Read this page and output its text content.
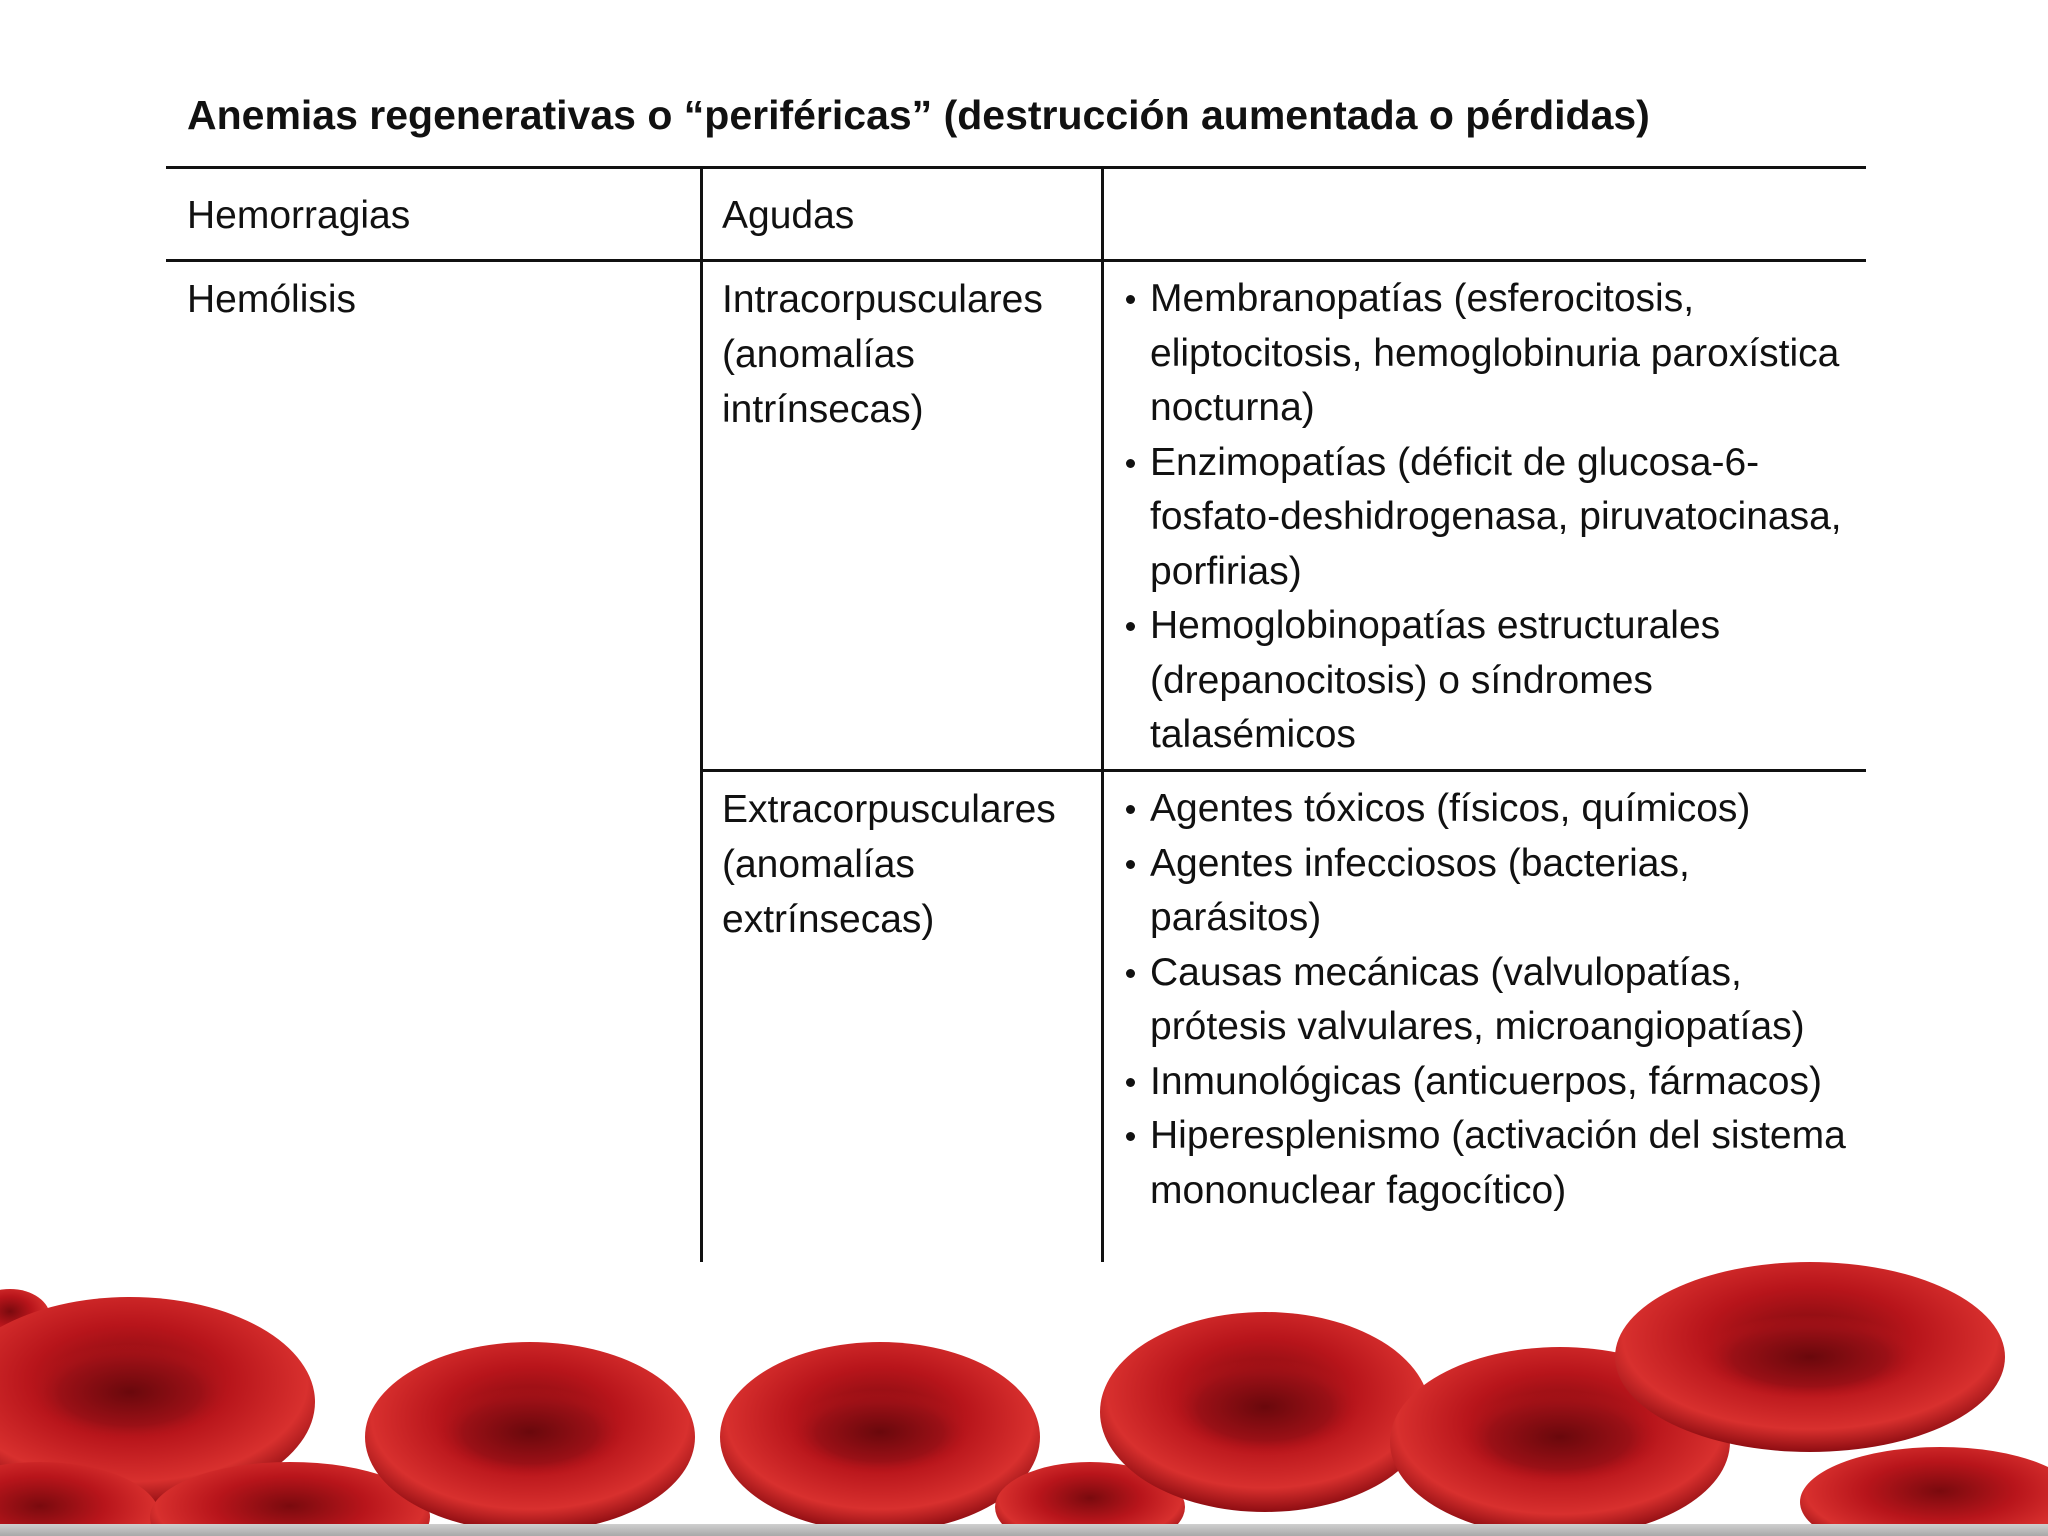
Anemias regenerativas o “periféricas” (destrucción aumentada o pérdidas)
Hemorragias	Agudas
Hemólisis	Intracorpusculares (anomalías intrínsecas)
Extracorpusculares (anomalías extrínsecas)
Membranopatías (esferocitosis, eliptocitosis, hemoglobinuria paroxística nocturna)
Enzimopatías (déficit de glucosa-6-fosfato-deshidrogenasa, piruvatocinasa, porfirias)
Hemoglobinopatías estructurales (drepanocitosis) o síndromes talasémicos
Agentes tóxicos (físicos, químicos)
Agentes infecciosos (bacterias, parásitos)
Causas mecánicas (valvulopatías, prótesis valvulares, microangiopatías)
Inmunológicas (anticuerpos, fármacos)
Hiperesplenismo (activación del sistema mononuclear fagocítico)
